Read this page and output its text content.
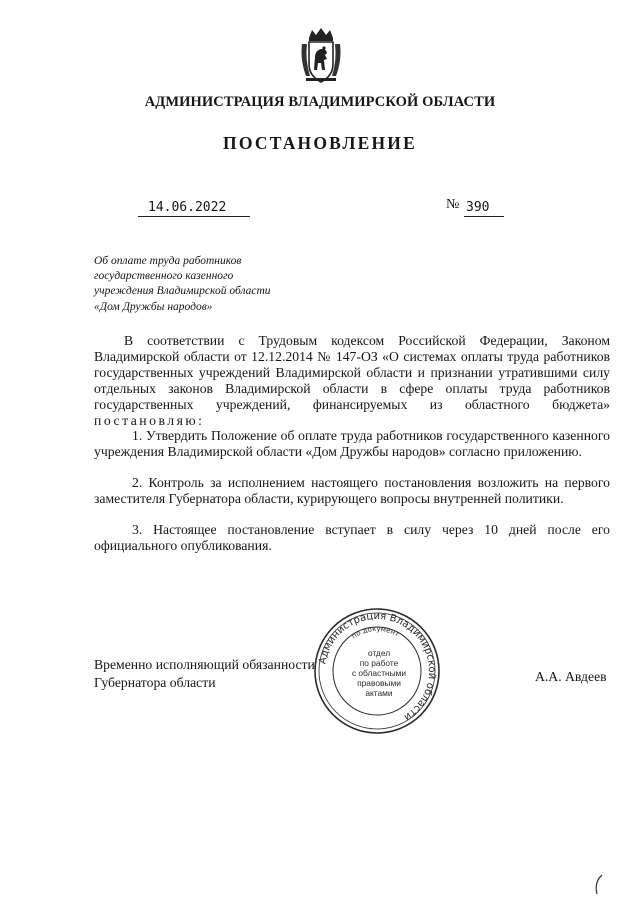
АДМИНИСТРАЦИЯ ВЛАДИМИРСКОЙ ОБЛАСТИ
ПОСТАНОВЛЕНИЕ
14.06.2022	№ 390
Об оплате труда работников
государственного казенного
учреждения Владимирской области
«Дом Дружбы народов»

В соответствии с Трудовым кодексом Российской Федерации, Законом Владимирской области от 12.12.2014 № 147-ОЗ «О системах оплаты труда работников государственных учреждений Владимирской области и признании утратившими силу отдельных законов Владимирской области в сфере оплаты труда работников государственных учреждений, финансируемых из областного бюджета» постановляю:

1. Утвердить Положение об оплате труда работников государственного казенного учреждения Владимирской области «Дом Дружбы народов» согласно приложению.

2. Контроль за исполнением настоящего постановления возложить на первого заместителя Губернатора области, курирующего вопросы внутренней политики.

3. Настоящее постановление вступает в силу через 10 дней после его официального опубликования.

Временно исполняющий обязанности
Губернатора области	А.А. Авдеев
Администрация Владимирской области
по документ
отдел
по работе
с областными
правовыми
актами
